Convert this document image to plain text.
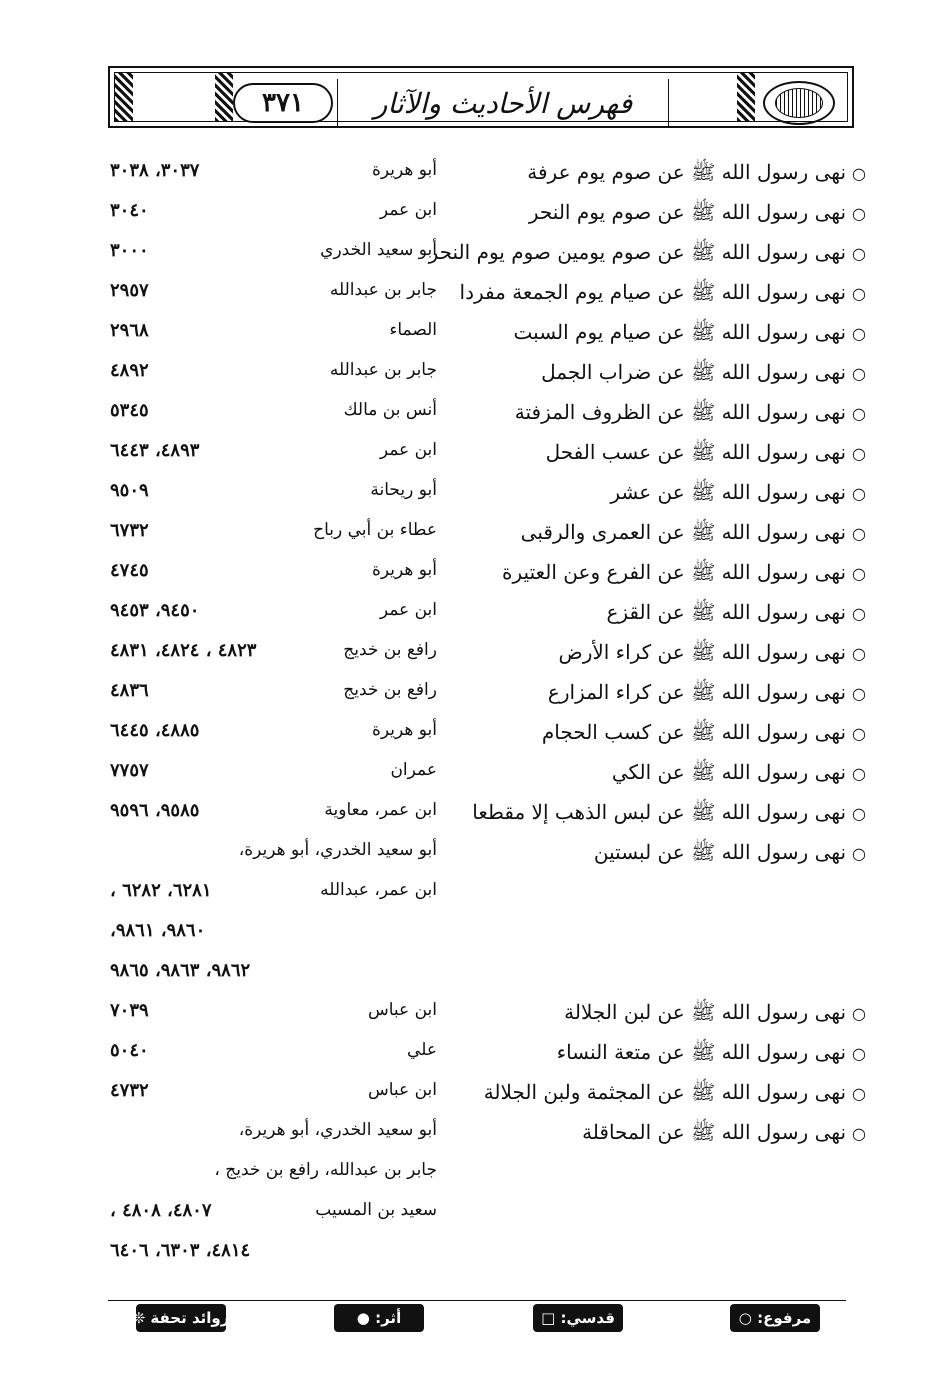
٣٧١	فهرس الأحاديث والآثار
○نهى رسول الله ﷺ عن صوم يوم عرفة
أبو هريرة
٣٠٣٧، ٣٠٣٨
○نهى رسول الله ﷺ عن صوم يوم النحر
ابن عمر
٣٠٤٠
○نهى رسول الله ﷺ عن صوم يومين صوم يوم النحر
أبو سعيد الخدري
٣٠٠٠
○نهى رسول الله ﷺ عن صيام يوم الجمعة مفردا
جابر بن عبدالله
٢٩٥٧
○نهى رسول الله ﷺ عن صيام يوم السبت
الصماء
٢٩٦٨
○نهى رسول الله ﷺ عن ضراب الجمل
جابر بن عبدالله
٤٨٩٢
○نهى رسول الله ﷺ عن الظروف المزفتة
أنس بن مالك
٥٣٤٥
○نهى رسول الله ﷺ عن عسب الفحل
ابن عمر
٤٨٩٣، ٦٤٤٣
○نهى رسول الله ﷺ عن عشر
أبو ريحانة
٩٥٠٩
○نهى رسول الله ﷺ عن العمرى والرقبى
عطاء بن أبي رباح
٦٧٣٢
○نهى رسول الله ﷺ عن الفرع وعن العتيرة
أبو هريرة
٤٧٤٥
○نهى رسول الله ﷺ عن القزع
ابن عمر
٩٤٥٠، ٩٤٥٣
○نهى رسول الله ﷺ عن كراء الأرض
رافع بن خديج
٤٨٢٣ ، ٤٨٢٤، ٤٨٣١
○نهى رسول الله ﷺ عن كراء المزارع
رافع بن خديج
٤٨٣٦
○نهى رسول الله ﷺ عن كسب الحجام
أبو هريرة
٤٨٨٥، ٦٤٤٥
○نهى رسول الله ﷺ عن الكي
عمران
٧٧٥٧
○نهى رسول الله ﷺ عن لبس الذهب إلا مقطعا
ابن عمر، معاوية
٩٥٨٥، ٩٥٩٦
○نهى رسول الله ﷺ عن لبستين
أبو سعيد الخدري، أبو هريرة،
ابن عمر، عبدالله
٦٢٨١، ٦٢٨٢ ،
٩٨٦٠، ٩٨٦١،
٩٨٦٢، ٩٨٦٣، ٩٨٦٥
○نهى رسول الله ﷺ عن لبن الجلالة
ابن عباس
٧٠٣٩
○نهى رسول الله ﷺ عن متعة النساء
علي
٥٠٤٠
○نهى رسول الله ﷺ عن المجثمة ولبن الجلالة
ابن عباس
٤٧٣٢
○نهى رسول الله ﷺ عن المحاقلة
أبو سعيد الخدري، أبو هريرة،
جابر بن عبدالله، رافع بن خديج ،
سعيد بن المسيب
٤٨٠٧، ٤٨٠٨ ،
٤٨١٤، ٦٣٠٣، ٦٤٠٦
مرفوع: ○
قدسي: □
أثر: ●
زوائد تحفة ❊
